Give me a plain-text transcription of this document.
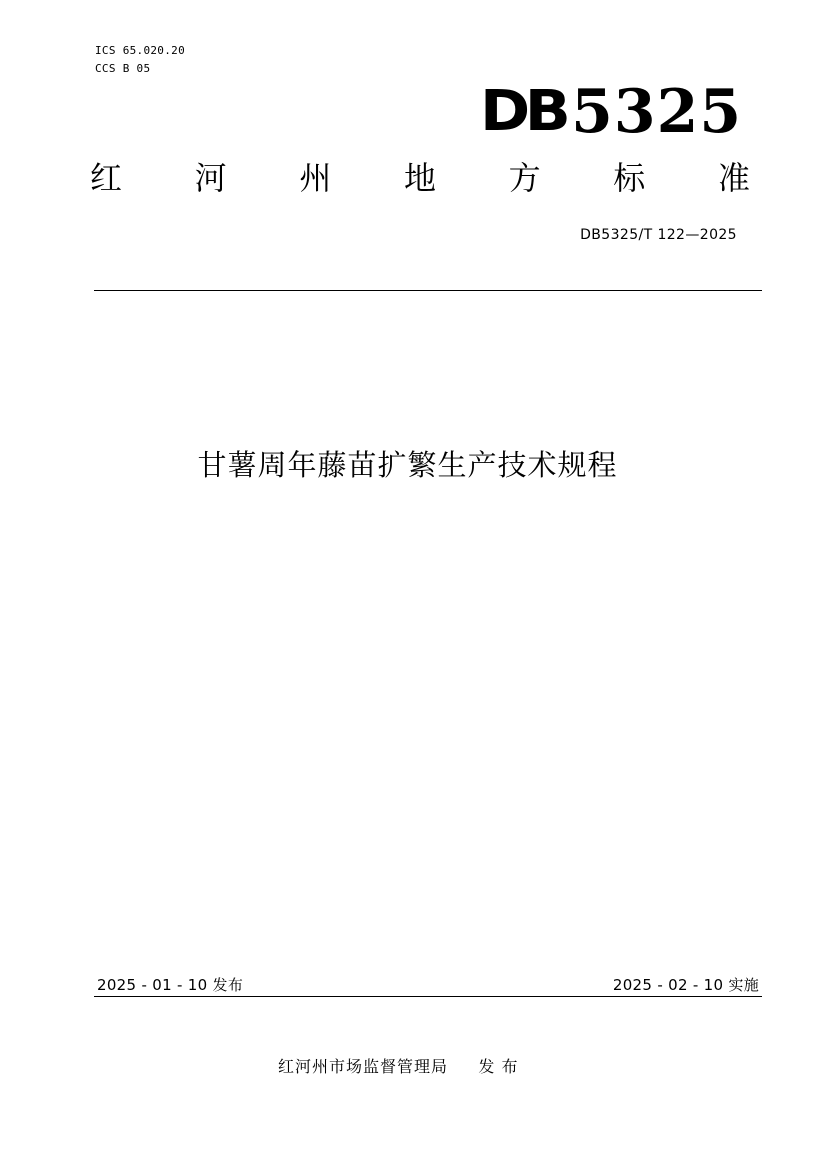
ICS 65.020.20
CCS B 05
DB 5325
红 河 州 地 方 标 准
DB5325/T 122—2025
甘薯周年藤苗扩繁生产技术规程
2025 - 01 - 10 发布	2025 - 02 - 10 实施
红河州市场监督管理局     发 布
